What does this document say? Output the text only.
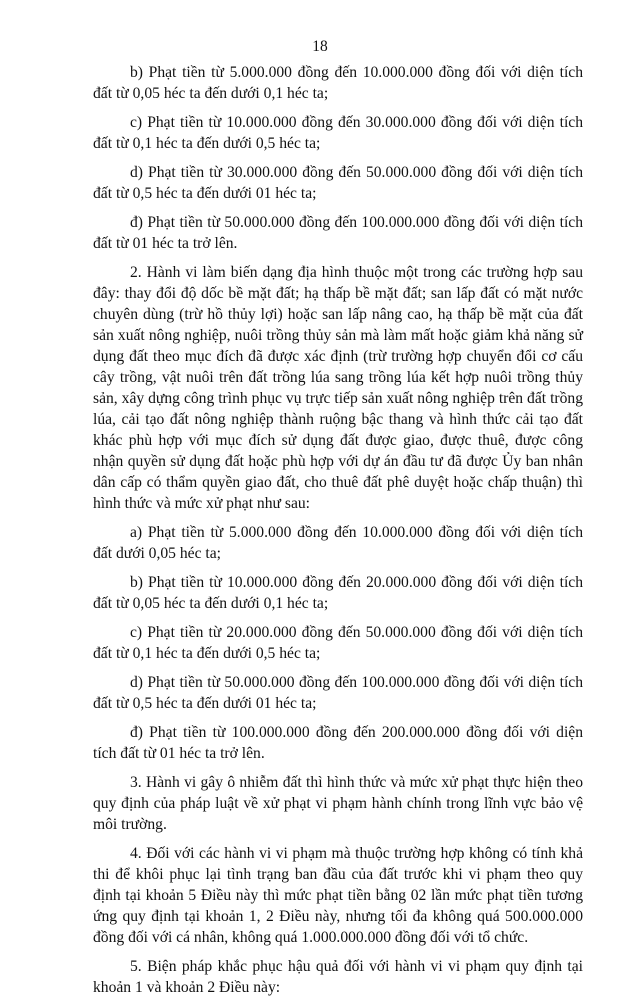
18

b) Phạt tiền từ 5.000.000 đồng đến 10.000.000 đồng đối với diện tích đất từ 0,05 héc ta đến dưới 0,1 héc ta;

c) Phạt tiền từ 10.000.000 đồng đến 30.000.000 đồng đối với diện tích đất từ 0,1 héc ta đến dưới 0,5 héc ta;

d) Phạt tiền từ 30.000.000 đồng đến 50.000.000 đồng đối với diện tích đất từ 0,5 héc ta đến dưới 01 héc ta;

đ) Phạt tiền từ 50.000.000 đồng đến 100.000.000 đồng đối với diện tích đất từ 01 héc ta trở lên.

2. Hành vi làm biến dạng địa hình thuộc một trong các trường hợp sau đây: thay đổi độ dốc bề mặt đất; hạ thấp bề mặt đất; san lấp đất có mặt nước chuyên dùng (trừ hồ thủy lợi) hoặc san lấp nâng cao, hạ thấp bề mặt của đất sản xuất nông nghiệp, nuôi trồng thủy sản mà làm mất hoặc giảm khả năng sử dụng đất theo mục đích đã được xác định (trừ trường hợp chuyển đổi cơ cấu cây trồng, vật nuôi trên đất trồng lúa sang trồng lúa kết hợp nuôi trồng thủy sản, xây dựng công trình phục vụ trực tiếp sản xuất nông nghiệp trên đất trồng lúa, cải tạo đất nông nghiệp thành ruộng bậc thang và hình thức cải tạo đất khác phù hợp với mục đích sử dụng đất được giao, được thuê, được công nhận quyền sử dụng đất hoặc phù hợp với dự án đầu tư đã được Ủy ban nhân dân cấp có thẩm quyền giao đất, cho thuê đất phê duyệt hoặc chấp thuận) thì hình thức và mức xử phạt như sau:

a) Phạt tiền từ 5.000.000 đồng đến 10.000.000 đồng đối với diện tích đất dưới 0,05 héc ta;

b) Phạt tiền từ 10.000.000 đồng đến 20.000.000 đồng đối với diện tích đất từ 0,05 héc ta đến dưới 0,1 héc ta;

c) Phạt tiền từ 20.000.000 đồng đến 50.000.000 đồng đối với diện tích đất từ 0,1 héc ta đến dưới 0,5 héc ta;

d) Phạt tiền từ 50.000.000 đồng đến 100.000.000 đồng đối với diện tích đất từ 0,5 héc ta đến dưới 01 héc ta;

đ) Phạt tiền từ 100.000.000 đồng đến 200.000.000 đồng đối với diện tích đất từ 01 héc ta trở lên.

3. Hành vi gây ô nhiễm đất thì hình thức và mức xử phạt thực hiện theo quy định của pháp luật về xử phạt vi phạm hành chính trong lĩnh vực bảo vệ môi trường.

4. Đối với các hành vi vi phạm mà thuộc trường hợp không có tính khả thi để khôi phục lại tình trạng ban đầu của đất trước khi vi phạm theo quy định tại khoản 5 Điều này thì mức phạt tiền bằng 02 lần mức phạt tiền tương ứng quy định tại khoản 1, 2 Điều này, nhưng tối đa không quá 500.000.000 đồng đối với cá nhân, không quá 1.000.000.000 đồng đối với tổ chức.

5. Biện pháp khắc phục hậu quả đối với hành vi vi phạm quy định tại khoản 1 và khoản 2 Điều này:
